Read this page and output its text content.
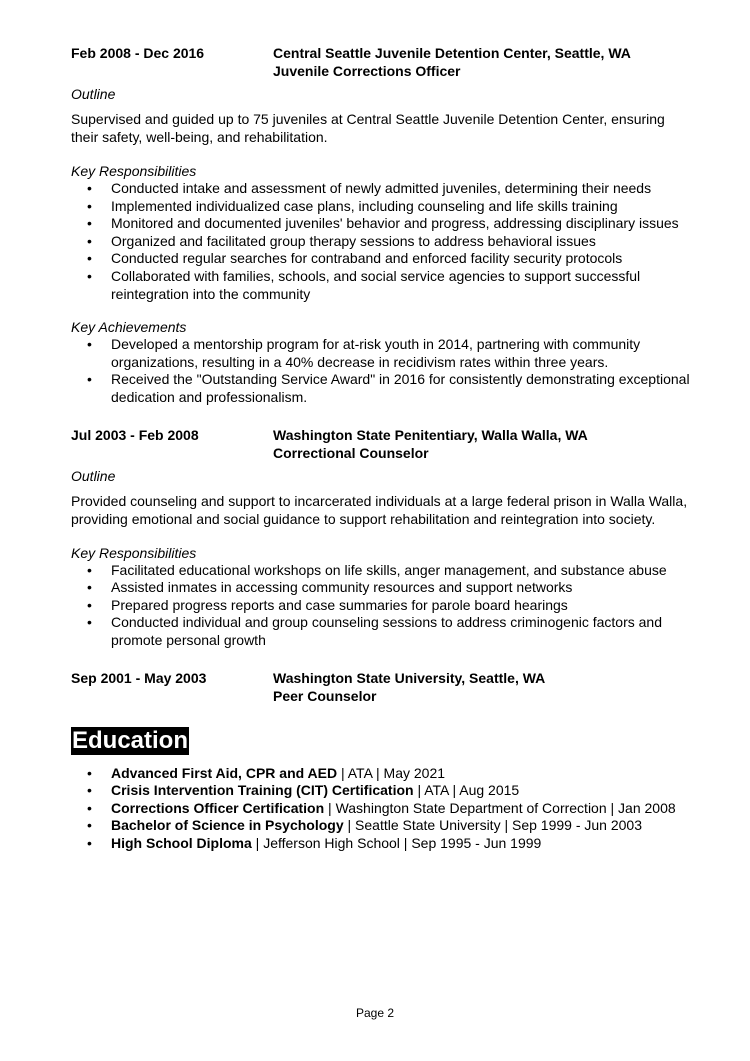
Feb 2008 - Dec 2016	Central Seattle Juvenile Detention Center, Seattle, WA
Juvenile Corrections Officer
Outline

Supervised and guided up to 75 juveniles at Central Seattle Juvenile Detention Center, ensuring their safety, well-being, and rehabilitation.

Key Responsibilities
• Conducted intake and assessment of newly admitted juveniles, determining their needs
• Implemented individualized case plans, including counseling and life skills training
• Monitored and documented juveniles' behavior and progress, addressing disciplinary issues
• Organized and facilitated group therapy sessions to address behavioral issues
• Conducted regular searches for contraband and enforced facility security protocols
• Collaborated with families, schools, and social service agencies to support successful reintegration into the community
Key Achievements
• Developed a mentorship program for at-risk youth in 2014, partnering with community organizations, resulting in a 40% decrease in recidivism rates within three years.
• Received the "Outstanding Service Award" in 2016 for consistently demonstrating exceptional dedication and professionalism.
Jul 2003 - Feb 2008	Washington State Penitentiary, Walla Walla, WA
Correctional Counselor
Outline

Provided counseling and support to incarcerated individuals at a large federal prison in Walla Walla, providing emotional and social guidance to support rehabilitation and reintegration into society.

Key Responsibilities
• Facilitated educational workshops on life skills, anger management, and substance abuse
• Assisted inmates in accessing community resources and support networks
• Prepared progress reports and case summaries for parole board hearings
• Conducted individual and group counseling sessions to address criminogenic factors and promote personal growth
Sep 2001 - May 2003	Washington State University, Seattle, WA
Peer Counselor
Education
• Advanced First Aid, CPR and AED | ATA | May 2021
• Crisis Intervention Training (CIT) Certification | ATA | Aug 2015
• Corrections Officer Certification | Washington State Department of Correction | Jan 2008
• Bachelor of Science in Psychology | Seattle State University | Sep 1999 - Jun 2003
• High School Diploma | Jefferson High School | Sep 1995 - Jun 1999
Page 2
